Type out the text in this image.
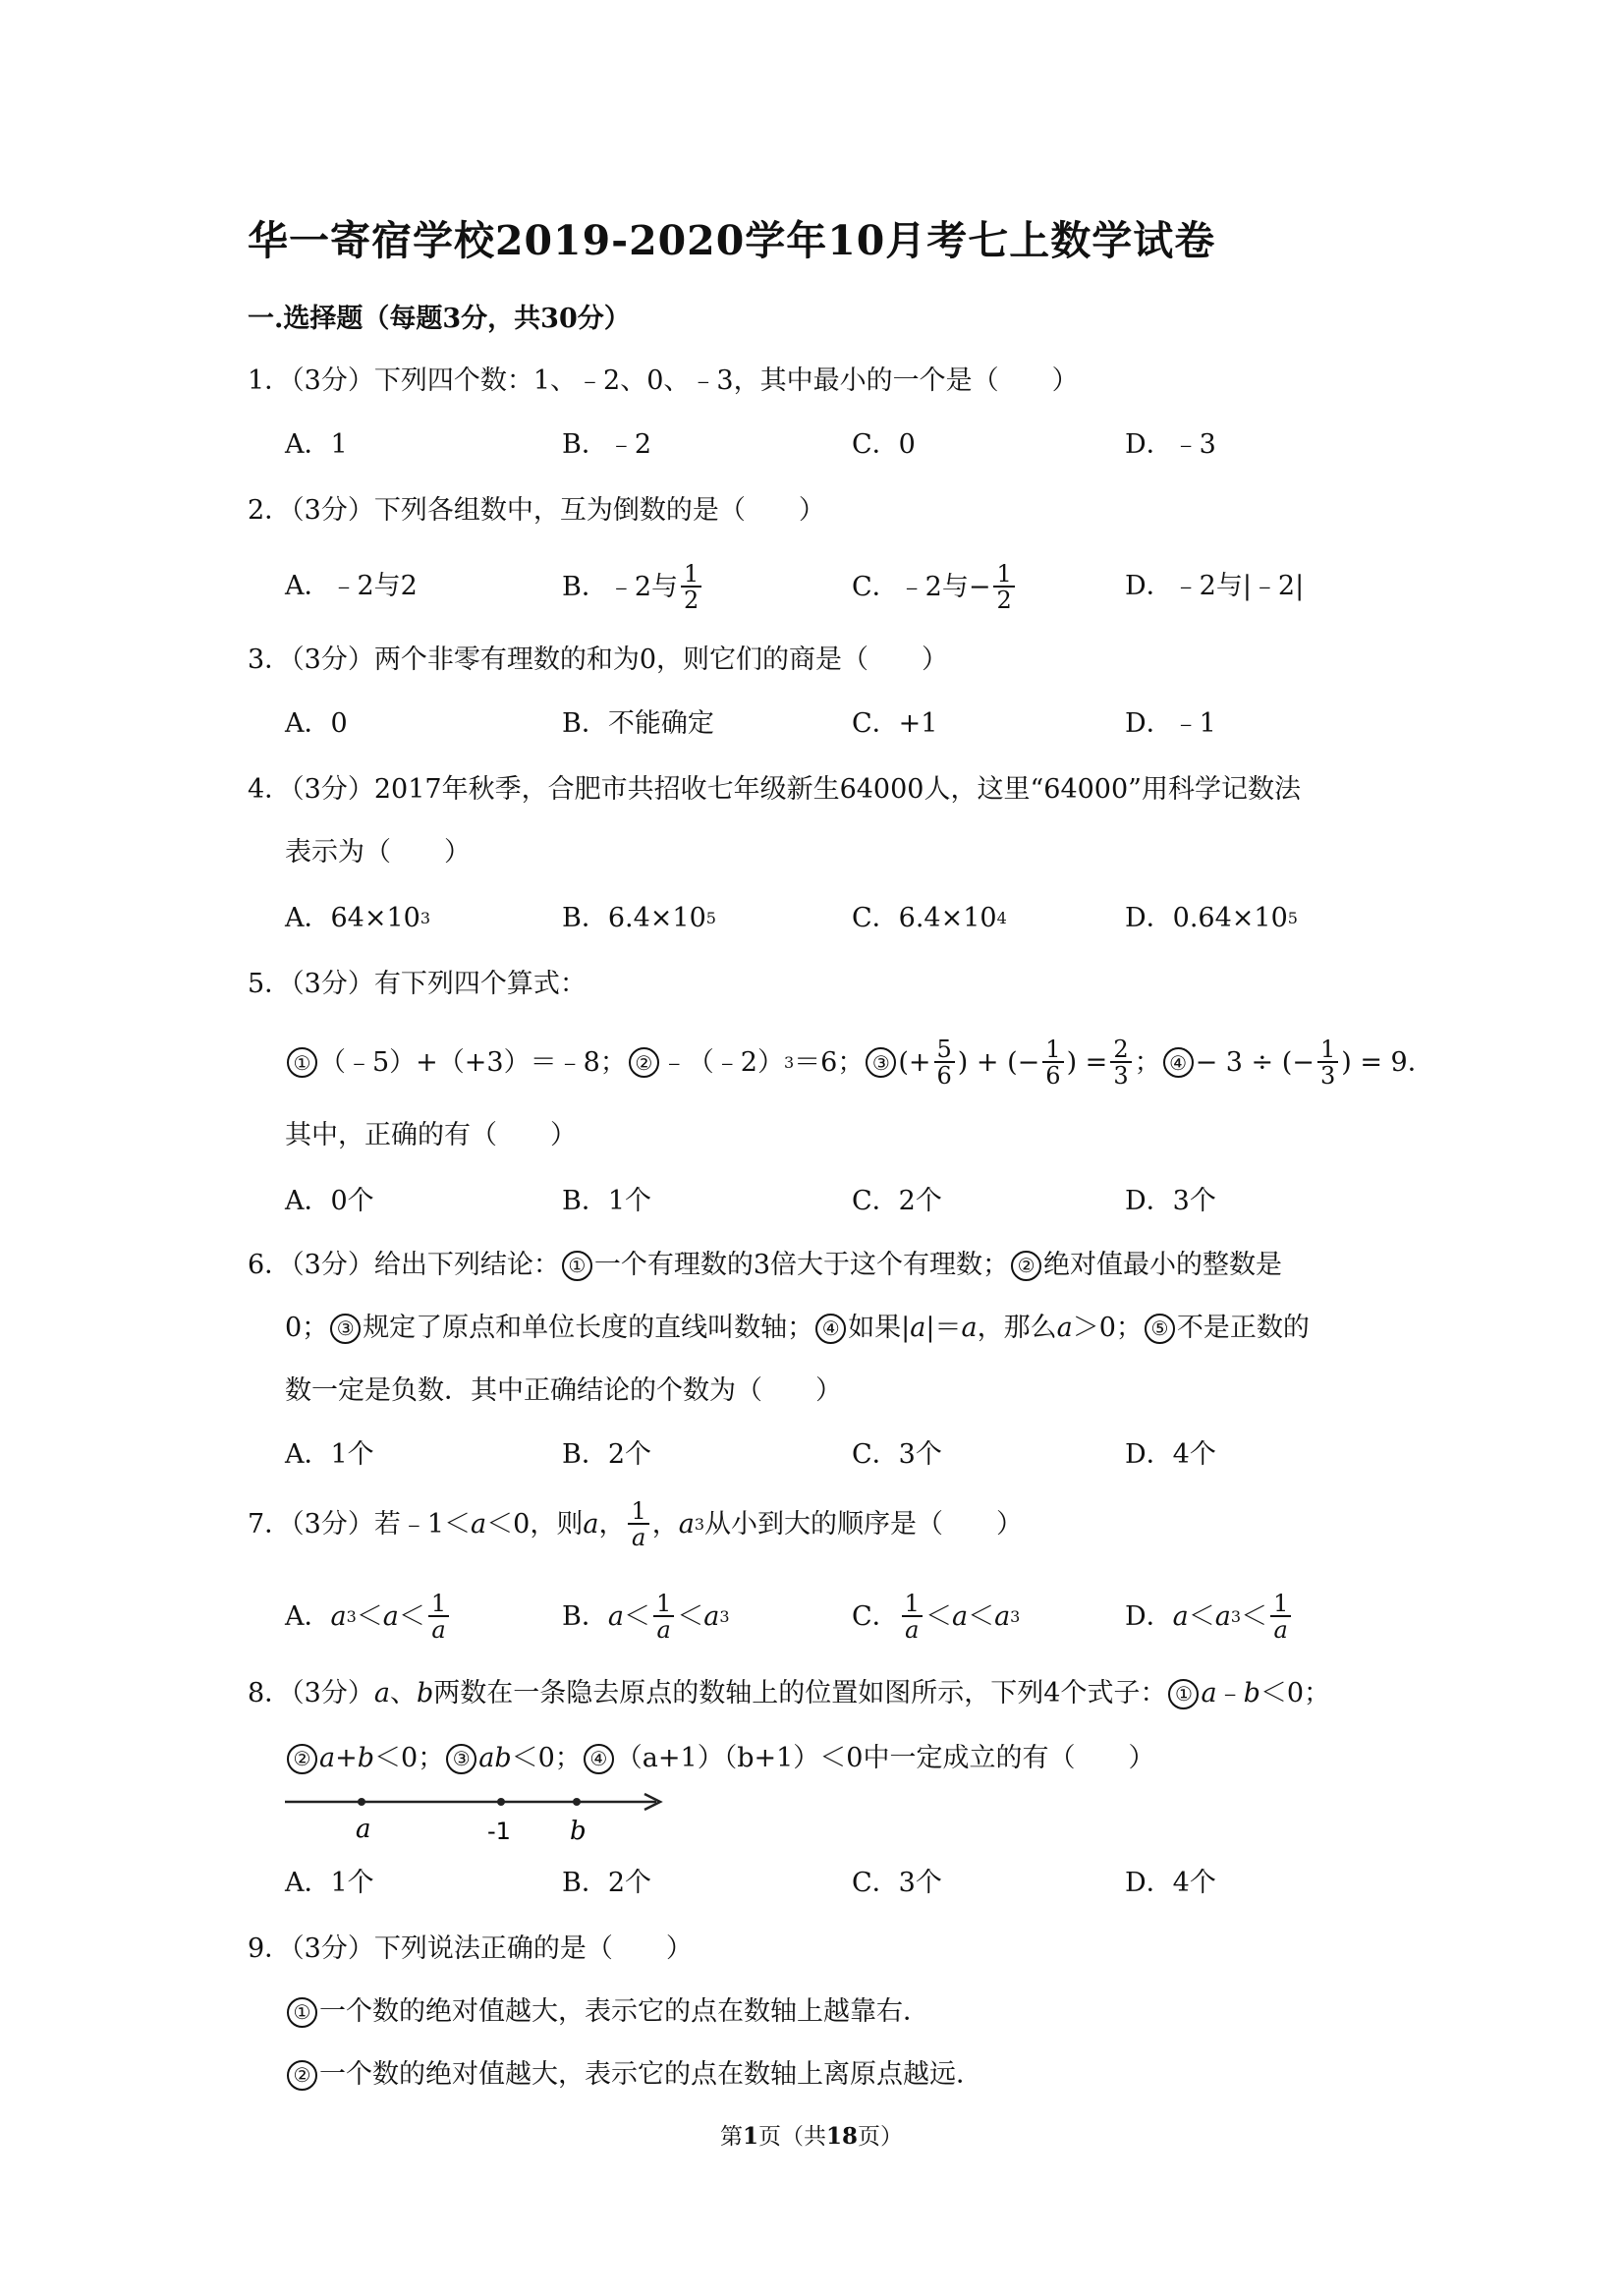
华一寄宿学校2019-2020学年10月考七上数学试卷
一.选择题（每题3分，共30分）
1．（3分）下列四个数：1、﹣2、0、﹣3，其中最小的一个是（　　）
A．1	B．﹣2	C．0	D．﹣3
2．（3分）下列各组数中，互为倒数的是（　　）
A．﹣2与2	B．﹣2与 $\frac{1}{2}$	C．﹣2与− $\frac{1}{2}$	D．﹣2与|﹣2|
3．（3分）两个非零有理数的和为0，则它们的商是（　　）
A．0	B．不能确定	C．+1	D．﹣1
4．（3分）2017年秋季，合肥市共招收七年级新生64000人，这里“64000”用科学记数法
表示为（　　）
A．64×10 3	B．6.4×10 5	C．6.4×10 4	D．0.64×10 5
5．（3分）有下列四个算式：
① （﹣5）+（+3）＝﹣8； ② ﹣（﹣2） 3 ＝6； ③ (+ $\frac{5}{6}$ ) + (− $\frac{1}{6}$ ) = $\frac{2}{3}$ ； ④ − 3 ÷ (− $\frac{1}{3}$ ) = 9．
其中，正确的有（　　）
A．0个	B．1个	C．2个	D．3个
6．（3分）给出下列结论： ① 一个有理数的3倍大于这个有理数； ② 绝对值最小的整数是
0； ③ 规定了原点和单位长度的直线叫数轴； ④ 如果| a |＝ a ，那么 a ＞0； ⑤ 不是正数的
数一定是负数．其中正确结论的个数为（　　）
A．1个	B．2个	C．3个	D．4个
7．（3分）若﹣1＜ a ＜0，则 a ， $\frac{1}{a}$ ， a 3 从小到大的顺序是（　　）
A． a $3 < a < \frac{1}{a}$	B． $a < \frac{1}{a} < a$ 3	C． $\frac{1}{a} < a < a$ 3	D． a ＜ a $3 < \frac{1}{a}$
8．（3分） a 、 b 两数在一条隐去原点的数轴上的位置如图所示，下列4个式子： ① a ﹣ b ＜0；
② a + b ＜0； ③ ab ＜0； ④ （a+1）（b+1）＜0中一定成立的有（　　）
a	-1 b
A．1个	B．2个	C．3个	D．4个
9．（3分）下列说法正确的是（　　）
① 一个数的绝对值越大，表示它的点在数轴上越靠右．
② 一个数的绝对值越大，表示它的点在数轴上离原点越远．
第1页（共18页）
